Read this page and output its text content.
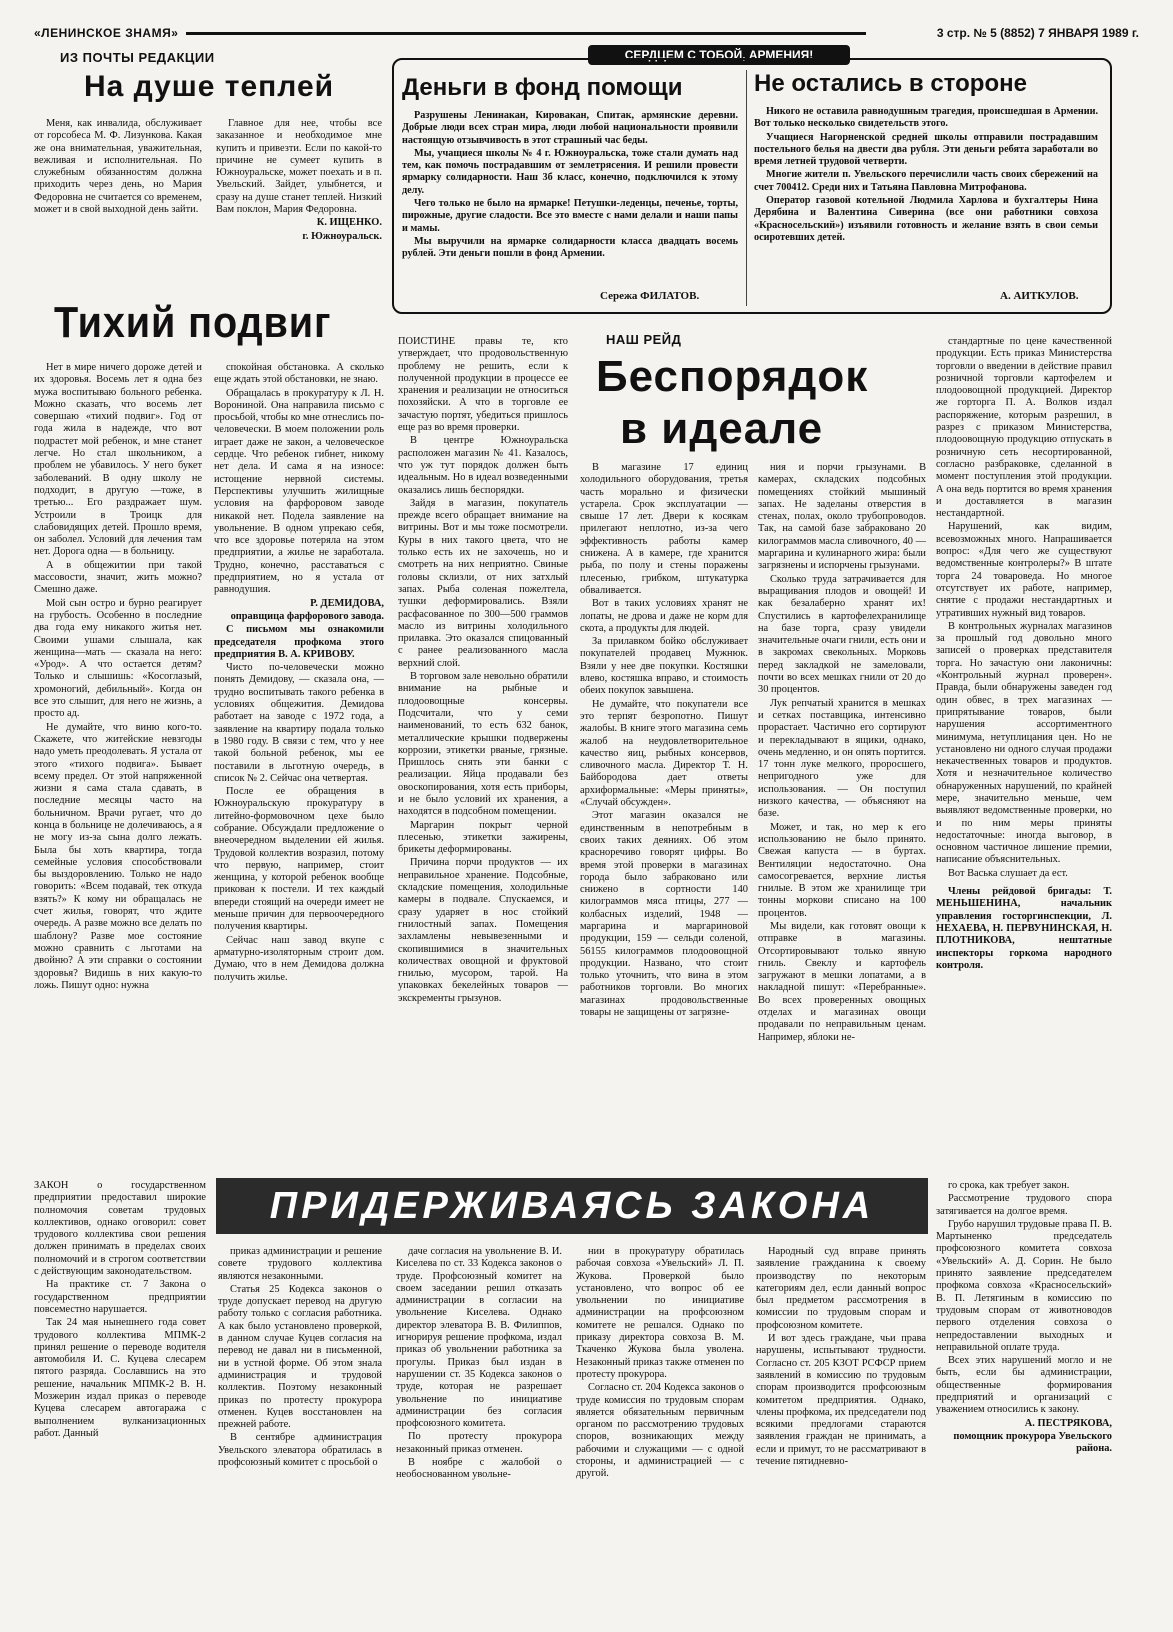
«ЛЕНИНСКОЕ ЗНАМЯ»	3 стр. № 5 (8852) 7 ЯНВАРЯ 1989 г.
ИЗ ПОЧТЫ РЕДАКЦИИ
На душе теплей

Меня, как инвалида, обслуживает от горсобеса М. Ф. Лизункова. Какая же она внимательная, уважительная, вежливая и исполнительная. По служебным обязанностям должна приходить через день, но Мария Федоровна не считается со временем, может и в свой выходной день зайти.

Главное для нее, чтобы все заказанное и необходимое мне купить и привезти. Если по какой-то причине не сумеет купить в Южноуральске, может поехать и в п. Увельский. Зайдет, улыбнется, и сразу на душе станет теплей. Низкий Вам поклон, Мария Федоровна.

К. ИЩЕНКО.

г. Южноуральск.

СЕРДЦЕМ С ТОБОЙ, АРМЕНИЯ!
Деньги в фонд помощи

Разрушены Ленинакан, Кировакан, Спитак, армянские деревни. Добрые люди всех стран мира, люди любой национальности проявили настоящую отзывчивость в этот страшный час беды.

Мы, учащиеся школы № 4 г. Южноуральска, тоже стали думать над тем, как помочь пострадавшим от землетрясения. И решили провести ярмарку солидарности. Наш 3б класс, конечно, подключился к этому делу.

Чего только не было на ярмарке! Петушки-леденцы, печенье, торты, пирожные, другие сладости. Все это вместе с нами делали и наши папы и мамы.

Мы выручили на ярмарке солидарности класса двадцать восемь рублей. Эти деньги пошли в фонд Армении.

Сережа ФИЛАТОВ.
Не остались в стороне

Никого не оставила равнодушным трагедия, происшедшая в Армении. Вот только несколько свидетельств этого.

Учащиеся Нагорненской средней школы отправили пострадавшим постельного белья на двести два рубля. Эти деньги ребята заработали во время летней трудовой четверти.

Многие жители п. Увельского перечислили часть своих сбережений на счет 700412. Среди них и Татьяна Павловна Митрофанова.

Оператор газовой котельной Людмила Харлова и бухгалтеры Нина Дерябина и Валентина Сиверина (все они работники совхоза «Красносельский») изъявили готовность и желание взять в свои семьи осиротевших детей.

А. АИТКУЛОВ.
Тихий подвиг

Нет в мире ничего дороже детей и их здоровья. Восемь лет я одна без мужа воспитываю больного ребенка. Можно сказать, что восемь лет совершаю «тихий подвиг». Год от года жила в надежде, что вот подрастет мой ребенок, и мне станет легче. Но стал школьником, а проблем не убавилось. У него букет заболеваний. В одну школу не подходит, в другую —тоже, в третью... Его раздражает шум. Устроили в Троицк для слабовидящих детей. Прошло время, он заболел. Условий для лечения там нет. Дорога одна — в больницу.

А в общежитии при такой массовости, значит, жить можно? Смешно даже.

Мой сын остро и бурно реагирует на грубость. Особенно в последние два года ему никакого житья нет. Своими ушами слышала, как женщина—мать — сказала на него: «Урод». А что остается детям? Только и слышишь: «Косоглазый, хромоногий, дебильный». Когда он все это слышит, для него не жизнь, а просто ад.

Не думайте, что виню кого-то. Скажете, что житейские невзгоды надо уметь преодолевать. Я устала от этого «тихого подвига». Бывает всему предел. От этой напряженной жизни я сама стала сдавать, в последние месяцы часто на больничном. Врачи ругает, что до конца в больнице не долечиваюсь, а я не могу из-за сына долго лежать. Была бы хоть квартира, тогда семейные условия способствовали бы выздоровлению. Только не надо говорить: «Всем подавай, тек откуда взять?» К кому ни обращалась не счет жилья, говорят, что ждите очередь. А разве можно все делать по шаблону? Разве мое состояние можно сравнить с льготами на двойню? А эти справки о состоянии здоровья? Видишь в них какую-то ложь. Пишут одно: нужна

спокойная обстановка. А сколько еще ждать этой обстановки, не знаю.

Обращалась в прокуратуру к Л. Н. Ворониной. Она направила письмо с просьбой, чтобы ко мне отнеслись по-человечески. В моем положении роль играет даже не закон, а человеческое сердце. Что ребенок гибнет, никому нет дела. И сама я на износе: истощение нервной системы. Перспективы улучшить жилищные условия на фарфоровом заводе никакой нет. Подела заявление на увольнение. В одном упрекаю себя, что все здоровье потеряла на этом предприятии, а жилье не заработала. Трудно, конечно, расставаться с предприятием, но я устала от равнодушия.

Р. ДЕМИДОВА,

оправщица фарфорового завода.

С письмом мы ознакомили председателя профкома этого предприятия В. А. КРИВОВУ.

Чисто по-человечески можно понять Демидову, — сказала она, — трудно воспитывать такого ребенка в условиях общежития. Демидова работает на заводе с 1972 года, а заявление на квартиру подала только в 1980 году. В связи с тем, что у нее такой больной ребенок, мы ее поставили в льготную очередь, в список № 2. Сейчас она четвертая.

После ее обращения в Южноуральскую прокуратуру в литейно-формовочном цехе было собрание. Обсуждали предложение о внеочередном выделении ей жилья. Трудовой коллектив возразил, потому что первую, например, стоит женщина, у которой ребенок вообще прикован к постели. И тех каждый впереди стоящий на очереди имеет не меньше причин для первоочередного получения квартиры.

Сейчас наш завод вкупе с арматурно-изоляторным строит дом. Думаю, что в нем Демидова должна получить жилье.

НАШ РЕЙД
Беспорядок
в идеале

ПОИСТИНЕ правы те, кто утверждает, что продовольственную проблему не решить, если к полученной продукции в процессе ее хранения и реализации не относиться похозяйски. А что в торговле ее зачастую портят, убедиться пришлось еще раз во время проверки.

В центре Южноуральска расположен магазин № 41. Казалось, что уж тут порядок должен быть идеальным. Но в идеал возведенными оказались лишь беспорядки.

Зайдя в магазин, покупатель прежде всего обращает внимание на витрины. Вот и мы тоже посмотрели. Куры в них такого цвета, что не только есть их не захочешь, но и смотреть на них неприятно. Свиные головы склизли, от них затхлый запах. Рыба соленая пожелтела, тушки деформировались. Взяли расфасованное по 300—500 граммов масло из витрины холодильного прилавка. Это оказался спицованный с ранее реализованного масла верхний слой.

В торговом зале невольно обратили внимание на рыбные и плодоовощные консервы. Подсчитали, что у семи наименований, то есть 632 банок, металлические крышки подвержены коррозии, этикетки рваные, грязные. Пришлось снять эти банки с реализации. Яйца продавали без овоскопирования, хотя есть приборы, и не было условий их хранения, а находятся в подсобном помещении.

Маргарин покрыт черной плесенью, этикетки зажирены, брикеты деформированы.

Причина порчи продуктов — их неправильное хранение. Подсобные, складские помещения, холодильные камеры в подвале. Спускаемся, и сразу ударяет в нос стойкий гнилостный запах. Помещения захламлены невывезенными и скопившимися в значительных количествах овощной и фруктовой гнилью, мусором, тарой. На упаковках бекелейных товаров — экскременты грызунов.

В магазине 17 единиц холодильного оборудования, третья часть морально и физически устарела. Срок эксплуатации — свыше 17 лет. Двери к косякам прилегают неплотно, из-за чего эффективность работы камер снижена. А в камере, где хранится рыба, по полу и стены поражены плесенью, грибком, штукатурка обваливается.

Вот в таких условиях хранят не лопаты, не дрова и даже не корм для скота, а продукты для людей.

За прилавком бойко обслуживает покупателей продавец Мужнюк. Взяли у нее две покупки. Костяшки влево, костяшка вправо, и стоимость обеих покупок завышена.

Не думайте, что покупатели все это терпят безропотно. Пишут жалобы. В книге этого магазина семь жалоб на неудовлетворительное качество яиц, рыбных консервов, сливочного масла. Директор Т. Н. Байбородова дает ответы архиформальные: «Меры приняты», «Случай обсужден».

Этот магазин оказался не единственным в непотребным в своих таких деяниях. Об этом красноречиво говорят цифры. Во время этой проверки в магазинах города было забраковано или снижено в сортности 140 килограммов мяса птицы, 277 — колбасных изделий, 1948 — маргарина и маргариновой продукции, 159 — сельди соленой, 56155 килограммов плодоовощной продукции. Названо, что стоит только уточнить, что вина в этом работников торговли. Во многих магазинах продовольственные товары не защищены от загрязне-

ния и порчи грызунами. В камерах, складских подсобных помещениях стойкий мышиный запах. Не заделаны отверстия в стенах, полах, около трубопроводов. Так, на самой базе забраковано 20 килограммов масла сливочного, 40 — маргарина и кулинарного жира: были загрязнены и испорчены грызунами.

Сколько труда затрачивается для выращивания плодов и овощей! И как безалаберно хранят их! Спустились в картофелехранилище на базе торга, сразу увидели значительные очаги гнили, есть они и в закромах свекольных. Морковь перед закладкой не замеловали, почти во всех мешках гнили от 20 до 30 процентов.

Лук репчатый хранится в мешках и сетках поставщика, интенсивно прорастает. Частично его сортируют и перекладывают в ящики, однако, очень медленно, и он опять портится. 17 тонн луке мелкого, проросшего, непригодного уже для использования. — Он поступил низкого качества, — объясняют на базе.

Может, и так, но мер к его использованию не было принято. Свежая капуста — в буртах. Вентиляции недостаточно. Она самосогревается, верхние листья гнилые. В этом же хранилище три тонны моркови списано на 100 процентов.

Мы видели, как готовят овощи к отправке в магазины. Отсортировывают только явную гниль. Свеклу и картофель загружают в мешки лопатами, а в накладной пишут: «Перебранные». Во всех проверенных овощных отделах и магазинах овощи продавали по неправильным ценам. Например, яблоки не-

стандартные по цене качественной продукции. Есть приказ Министерства торговли о введении в действие правил розничной торговли картофелем и плодоовощной продукцией. Директор же горторга П. А. Волков издал распоряжение, которым разрешил, в разрез с приказом Министерства, плодоовощную продукцию отпускать в розничную сеть несортированной, согласно разбраковке, сделанной в момент поступления этой продукции. А она ведь портится во время хранения и доставляется в магазин нестандартной.

Нарушений, как видим, всевозможных много. Напрашивается вопрос: «Для чего же существуют ведомственные контролеры?» В штате торга 24 товароведа. Но многое отсутствует их работе, например, снятие с продажи нестандартных и утративших нужный вид товаров.

В контрольных журналах магазинов за прошлый год довольно много записей о проверках представителя торга. Но зачастую они лаконичны: «Контрольный журнал проверен». Правда, были обнаружены заведен год один обвес, в трех магазинах — припрятывание товаров, были нарушения ассортиментного минимума, нетуплицания цен. Но не установлено ни одного случая продажи некачественных товаров и продуктов. Хотя и незначительное количество обнаруженных нарушений, по крайней мере, значительно меньше, чем выявляют ведомственные проверки, но и по ним меры приняты недостаточные: иногда выговор, в основном частичное лишение премии, написание объяснительных.

Вот Васька слушает да ест.

Члены рейдовой бригады: Т. МЕНЬШЕНИНА, начальник управления госторгинспекции, Л. НЕХАЕВА, Н. ПЕРВУНИНСКАЯ, Н. ПЛОТНИКОВА, нештатные инспекторы горкома народного контроля.

ПРИДЕРЖИВАЯСЬ ЗАКОНА

ЗАКОН о государственном предприятии предоставил широкие полномочия советам трудовых коллективов, однако оговорил: совет трудового коллектива свои решения должен принимать в пределах своих полномочий и в строгом соответствии с действующим законодательством.

На практике ст. 7 Закона о государственном предприятии повсеместно нарушается.

Так 24 мая нынешнего года совет трудового коллектива МПМК-2 принял решение о переводе водителя автомобиля И. С. Куцева слесарем пятого разряда. Сославшись на это решение, начальник МПМК-2 В. Н. Мозжерин издал приказ о переводе Куцева слесарем автогаража с выполнением вулканизационных работ. Данный

приказ администрации и решение совете трудового коллектива являются незаконными.

Статья 25 Кодекса законов о труде допускает перевод на другую работу только с согласия работника. А как было установлено проверкой, в данном случае Куцев согласия на перевод не давал ни в письменной, ни в устной форме. Об этом знала администрация и трудовой коллектив. Поэтому незаконный приказ по протесту прокурора отменен. Куцев восстановлен на прежней работе.

В сентябре администрация Увельского элеватора обратилась в профсоюзный комитет с просьбой о

даче согласия на увольнение В. И. Киселева по ст. 33 Кодекса законов о труде. Профсоюзный комитет на своем заседании решил отказать администрации в согласии на увольнение Киселева. Однако директор элеватора В. В. Филиппов, игнорируя решение профкома, издал приказ об увольнении работника за прогулы. Приказ был издан в нарушении ст. 35 Кодекса законов о труде, которая не разрешает увольнение по инициативе администрации без согласия профсоюзного комитета.

По протесту прокурора незаконный приказ отменен.

В ноябре с жалобой о необоснованном увольне-

нии в прокуратуру обратилась рабочая совхоза «Увельский» Л. П. Жукова. Проверкой было установлено, что вопрос об ее увольнении по инициативе администрации на профсоюзном комитете не решался. Однако по приказу директора совхоза В. М. Ткаченко Жукова была уволена. Незаконный приказ также отменен по протесту прокурора.

Согласно ст. 204 Кодекса законов о труде комиссия по трудовым спорам является обязательным первичным органом по рассмотрению трудовых споров, возникающих между рабочими и служащими — с одной стороны, и администрацией — с другой.

Народный суд вправе принять заявление гражданина к своему производству по некоторым категориям дел, если данный вопрос был предметом рассмотрения в комиссии по трудовым спорам и профсоюзном комитете.

И вот здесь граждане, чьи права нарушены, испытывают трудности. Согласно ст. 205 КЗОТ РСФСР прием заявлений в комиссию по трудовым спорам производится профсоюзным комитетом предприятия. Однако, члены профкома, их председатели под всякими предлогами стараются заявления граждан не принимать, а если и примут, то не рассматривают в течение пятидневно-

го срока, как требует закон.

Рассмотрение трудового спора затягивается на долгое время.

Грубо нарушил трудовые права П. В. Мартыненко председатель профсоюзного комитета совхоза «Увельский» А. Д. Сорин. Не было принято заявление председателем профкома совхоза «Красносельский» В. П. Летягиным в комиссию по трудовым спорам от животноводов первого отделения совхоза о непредоставлении выходных и неправильной оплате труда.

Всех этих нарушений могло и не быть, если бы администрации, общественные формирования предприятий и организаций с уважением относились к закону.

А. ПЕСТРЯКОВА,

помощник прокурора Увельского района.
